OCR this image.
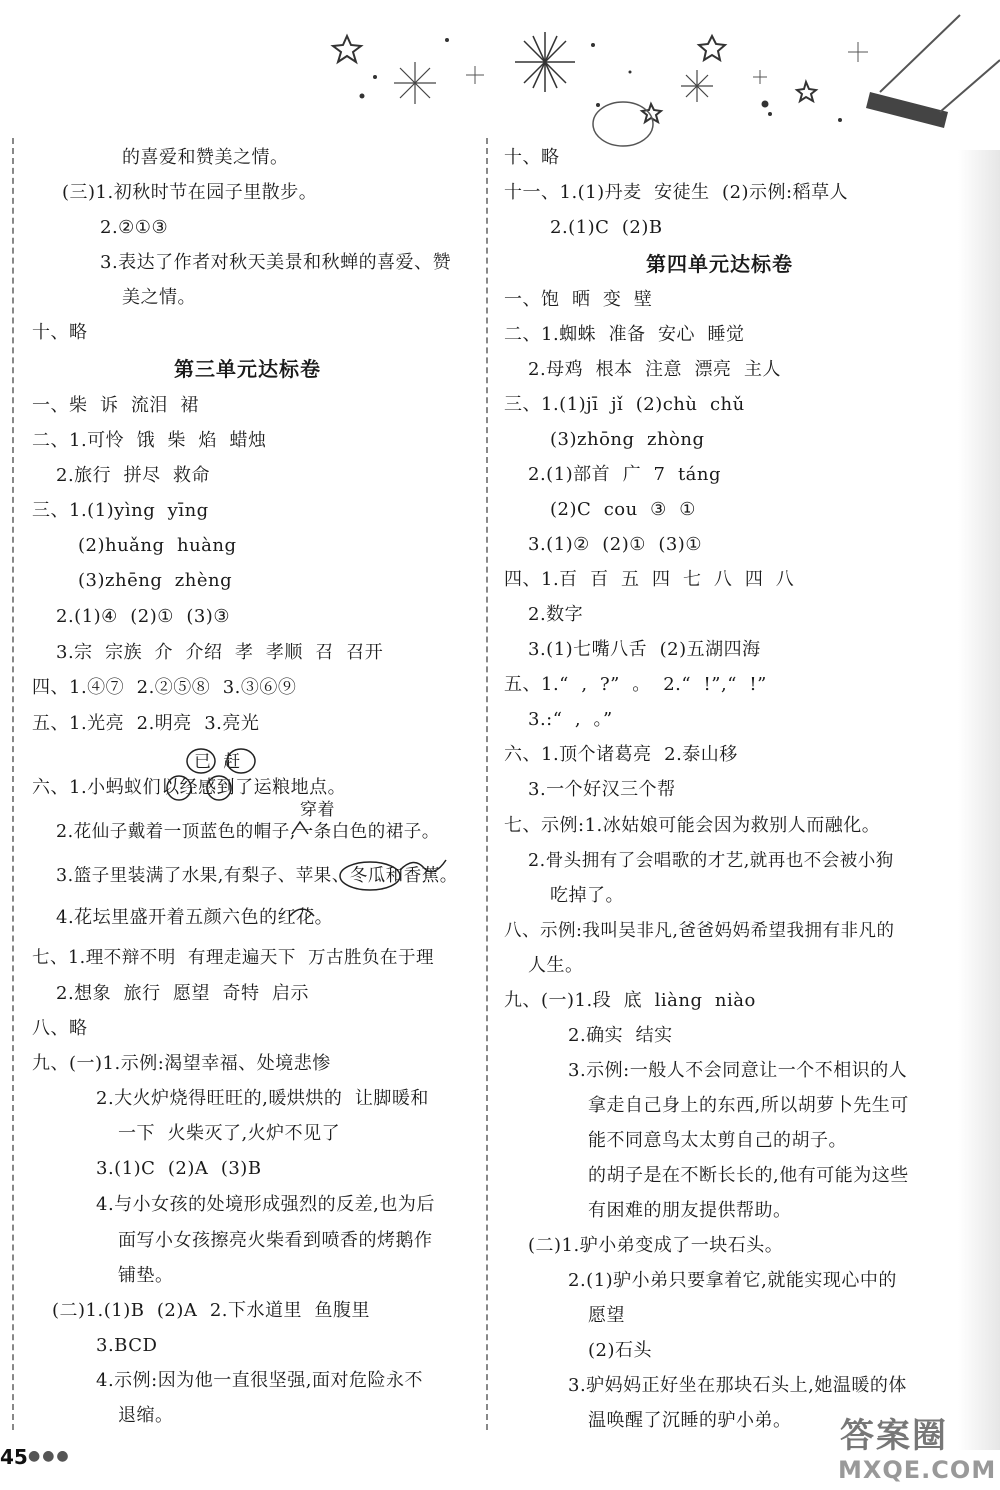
的喜爱和赞美之情。
(三)1.初秋时节在园子里散步。
2.②①③
3.表达了作者对秋天美景和秋蝉的喜爱、赞
美之情。
十、略
第三单元达标卷
一、柴  诉  流泪  裙
二、1.可怜  饿  柴  焰  蜡烛
2.旅行  拼尽  救命
三、1.(1)yìng  yīng
(2)huǎng  huàng
(3)zhēng  zhèng
2.(1)④  (2)①  (3)③
3.宗  宗族  介  介绍  孝  孝顺  召  召开
四、1.④⑦  2.②⑤⑧  3.③⑥⑨
五、1.光亮  2.明亮  3.亮光
已  赶
六、1.小蚂蚁们以经感到了运粮地点。
穿着
2.花仙子戴着一顶蓝色的帽子,一条白色的裙子。
3.篮子里装满了水果,有梨子、苹果、冬瓜和香蕉。
4.花坛里盛开着五颜六色的红花。
七、1.理不辩不明  有理走遍天下  万古胜负在于理
2.想象  旅行  愿望  奇特  启示
八、略
九、(一)1.示例:渴望幸福、处境悲惨
2.大火炉烧得旺旺的,暖烘烘的  让脚暖和
一下  火柴灭了,火炉不见了
3.(1)C  (2)A  (3)B
4.与小女孩的处境形成强烈的反差,也为后
面写小女孩擦亮火柴看到喷香的烤鹅作
铺垫。
(二)1.(1)B  (2)A  2.下水道里  鱼腹里
3.BCD
4.示例:因为他一直很坚强,面对危险永不
退缩。
十、略
十一、1.(1)丹麦  安徒生  (2)示例:稻草人
2.(1)C  (2)B
第四单元达标卷
一、饱  晒  变  壁
二、1.蜘蛛  准备  安心  睡觉
2.母鸡  根本  注意  漂亮  主人
三、1.(1)jī  jǐ  (2)chù  chǔ
(3)zhōng  zhòng
2.(1)部首  广  7  táng
(2)C  cou  ③  ①
3.(1)②  (2)①  (3)①
四、1.百  百  五  四  七  八  四  八
2.数字
3.(1)七嘴八舌  (2)五湖四海
五、1.“  ,  ?”  。  2.“  !”,“  !”
3.:“  ,  。”
六、1.顶个诸葛亮  2.泰山移
3.一个好汉三个帮
七、示例:1.冰姑娘可能会因为救别人而融化。
2.骨头拥有了会唱歌的才艺,就再也不会被小狗
吃掉了。
八、示例:我叫吴非凡,爸爸妈妈希望我拥有非凡的
人生。
九、(一)1.段  底  liàng  niào
2.确实  结实
3.示例:一般人不会同意让一个不相识的人
拿走自己身上的东西,所以胡萝卜先生可
能不同意鸟太太剪自己的胡子。
的胡子是在不断长长的,他有可能为这些
有困难的朋友提供帮助。
(二)1.驴小弟变成了一块石头。
2.(1)驴小弟只要拿着它,就能实现心中的
愿望
(2)石头
3.驴妈妈正好坐在那块石头上,她温暖的体
温唤醒了沉睡的驴小弟。
45 ●●●	答案圈
MXQE.COM
